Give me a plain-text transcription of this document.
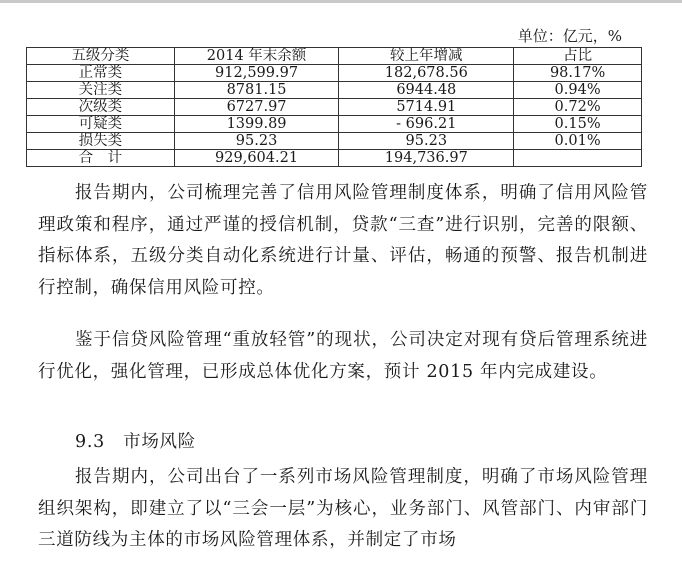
单位：亿元，%
五级分类	2014 年末余额	较上年增减	占比
正常类	912,599.97	182,678.56	98.17%
关注类	8781.15	6944.48	0.94%
次级类	6727.97	5714.91	0.72%
可疑类	1399.89	- 696.21	0.15%
损失类	95.23	95.23	0.01%
合　计	929,604.21	194,736.97	

报告期内，公司梳理完善了信用风险管理制度体系，明确了信用风险管理政策和程序，通过严谨的授信机制，贷款“三查”进行识别，完善的限额、指标体系，五级分类自动化系统进行计量、评估，畅通的预警、报告机制进行控制，确保信用风险可控。

鉴于信贷风险管理“重放轻管”的现状，公司决定对现有贷后管理系统进行优化，强化管理，已形成总体优化方案，预计 2015 年内完成建设。

9.3　市场风险

报告期内，公司出台了一系列市场风险管理制度，明确了市场风险管理组织架构，即建立了以“三会一层”为核心，业务部门、风管部门、内审部门三道防线为主体的市场风险管理体系，并制定了市场
